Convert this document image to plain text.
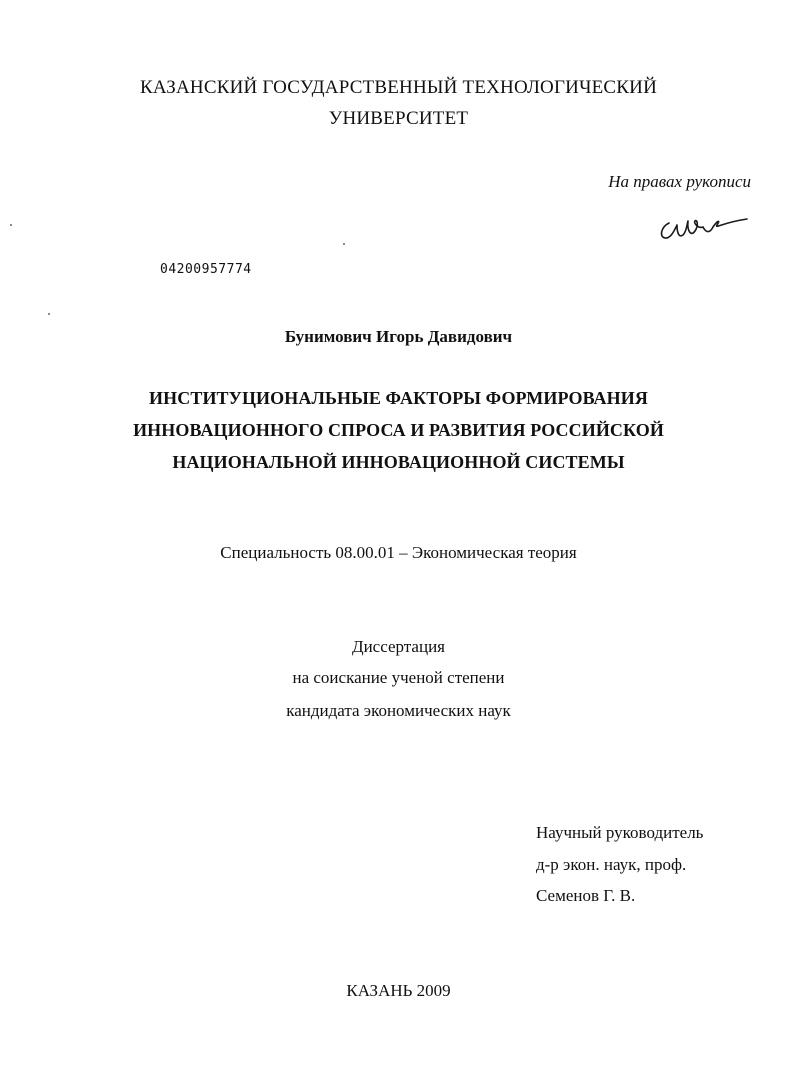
КАЗАНСКИЙ ГОСУДАРСТВЕННЫЙ ТЕХНОЛОГИЧЕСКИЙ
УНИВЕРСИТЕТ
На правах рукописи
04200957774
Бунимович Игорь Давидович
ИНСТИТУЦИОНАЛЬНЫЕ ФАКТОРЫ ФОРМИРОВАНИЯ
ИННОВАЦИОННОГО СПРОСА И РАЗВИТИЯ РОССИЙСКОЙ
НАЦИОНАЛЬНОЙ ИННОВАЦИОННОЙ СИСТЕМЫ
Специальность 08.00.01 – Экономическая теория
Диссертация
на соискание ученой степени
кандидата экономических наук
Научный руководитель
д-р экон. наук, проф.
Семенов Г. В.
КАЗАНЬ 2009
